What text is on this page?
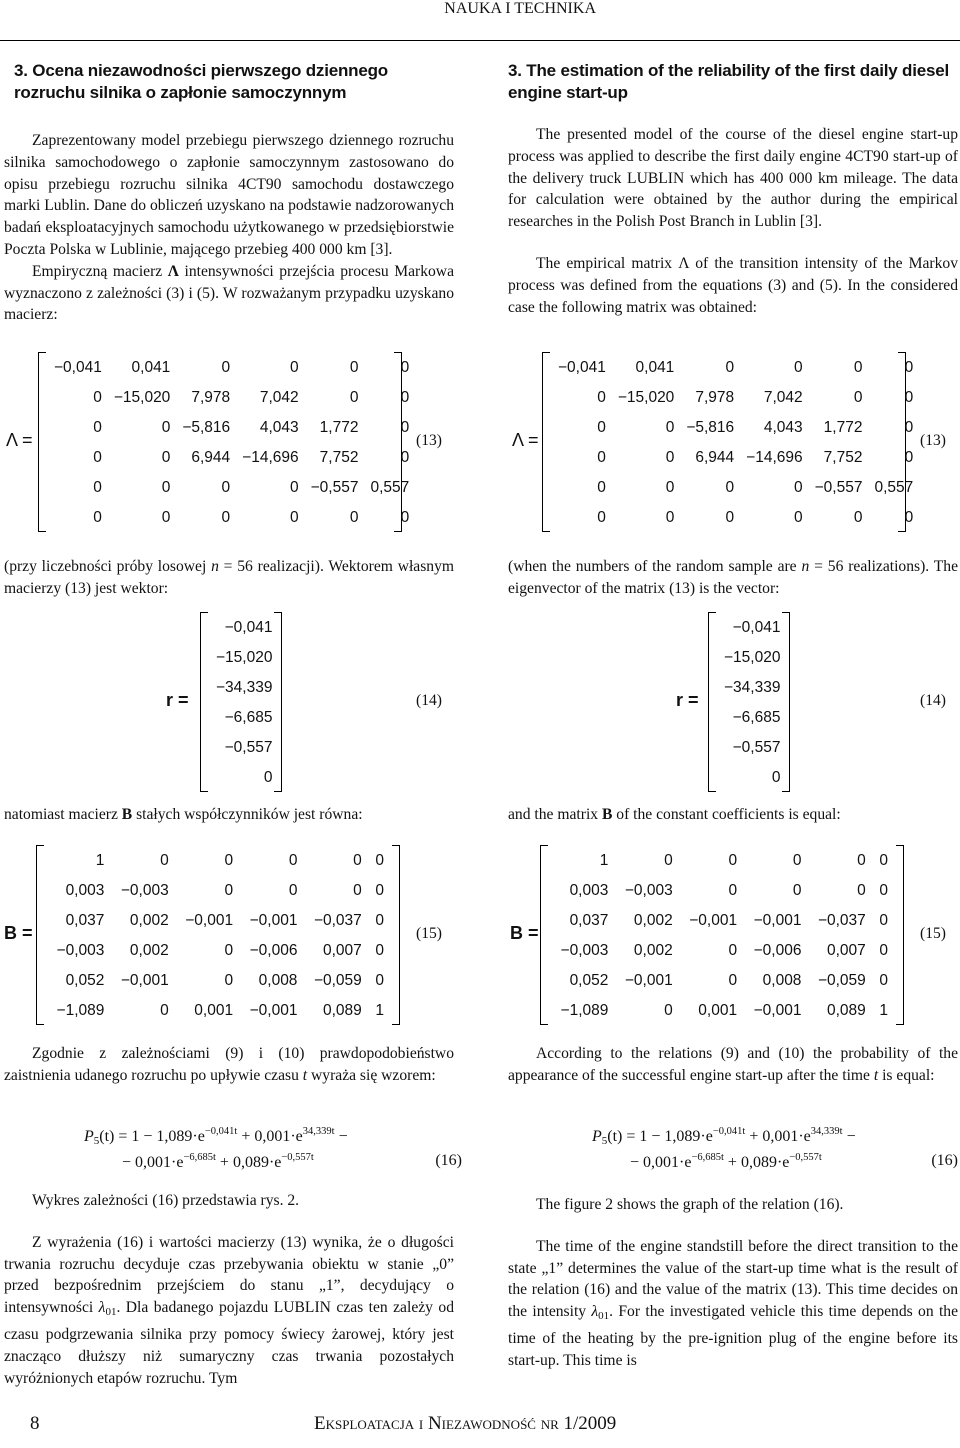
NAUKA I TECHNIKA
3. Ocena niezawodności pierwszego dziennego rozruchu silnika o zapłonie samoczynnym

Zaprezentowany model przebiegu pierwszego dziennego rozruchu silnika samochodowego o zapłonie samoczynnym zastosowano do opisu przebiegu rozruchu silnika 4CT90 samochodu dostawczego marki Lublin. Dane do obliczeń uzyskano na podstawie nadzorowanych badań eksploatacyjnych samochodu użytkowanego w przedsiębiorstwie Poczta Polska w Lublinie, mającego przebieg 400 000 km [3].

Empiryczną macierz Λ intensywności przejścia procesu Markowa wyznaczono z zależności (3) i (5). W rozważanym przypadku uzyskano macierz:

(przy liczebności próby losowej n = 56 realizacji). Wektorem własnym macierzy (13) jest wektor:

natomiast macierz B stałych współczynników jest równa:

Zgodnie z zależnościami (9) i (10) prawdopodobieństwo zaistnienia udanego rozruchu po upływie czasu t wyraża się wzorem:

Wykres zależności (16) przedstawia rys. 2.

Z wyrażenia (16) i wartości macierzy (13) wynika, że o długości trwania rozruchu decyduje czas przebywania obiektu w stanie „0” przed bezpośrednim przejściem do stanu „1”, decydujący o intensywności $\lambda_{01}$. Dla badanego pojazdu LUBLIN czas ten zależy od czasu podgrzewania silnika przy pomocy świecy żarowej, który jest znacząco dłuższy niż sumaryczny czas trwania pozostałych wyróżnionych etapów rozruchu. Tym

3. The estimation of the reliability of the first daily diesel engine start-up

The presented model of the course of the diesel engine start-up process was applied to describe the first daily engine 4CT90 start-up of the delivery truck LUBLIN which has 400 000 km mileage. The data for calculation were obtained by the author during the empirical researches in the Polish Post Branch in Lublin [3].

The empirical matrix Λ of the transition intensity of the Markov process was defined from the equations (3) and (5). In the considered case the following matrix was obtained:

(when the numbers of the random sample are n = 56 realizations). The eigenvector of the matrix (13) is the vector:

and the matrix B of the constant coefficients is equal:

According to the relations (9) and (10) the probability of the appearance of the successful engine start-up after the time t is equal:

The figure 2 shows the graph of the relation (16).

The time of the engine standstill before the direct transition to the state „1” determines the value of the start-up time what is the result of the relation (16) and the value of the matrix (13). This time decides on the intensity $\lambda_{01}$. For the investigated vehicle this time depends on the time of the heating by the pre-ignition plug of the engine before its start-up. This time is

−0,041	0,041	0	0	0	0
0	−15,020	7,978	7,042	0	0
0	0	−5,816	4,043	1,772	0
0	0	6,944	−14,696	7,752	0
0	0	0	0	−0,557	0,557
0	0	0	0	0	0
Λ =	(13)
−0,041	0,041	0	0	0	0
0	−15,020	7,978	7,042	0	0
0	0	−5,816	4,043	1,772	0
0	0	6,944	−14,696	7,752	0
0	0	0	0	−0,557	0,557
0	0	0	0	0	0
Λ =	(13)
−0,041
−15,020
−34,339
−6,685
−0,557
0
r =	(14)
−0,041
−15,020
−34,339
−6,685
−0,557
0
r =	(14)
1	0	0	0	0	0
0,003	−0,003	0	0	0	0
0,037	0,002	−0,001	−0,001	−0,037	0
−0,003	0,002	0	−0,006	0,007	0
0,052	−0,001	0	0,008	−0,059	0
−1,089	0	0,001	−0,001	0,089	1
B =	(15)
1	0	0	0	0	0
0,003	−0,003	0	0	0	0
0,037	0,002	−0,001	−0,001	−0,037	0
−0,003	0,002	0	−0,006	0,007	0
0,052	−0,001	0	0,008	−0,059	0
−1,089	0	0,001	−0,001	0,089	1
B =	(15)
$P_5(t) = 1 - 1,089\cdot e^{-0,041t} + 0,001\cdot e^{34,339t}$ −
− $0,001\cdot e^{-6,685t} + 0,089\cdot e^{-0,557t}$	(16)
$P_5(t) = 1 - 1,089\cdot e^{-0,041t} + 0,001\cdot e^{34,339t}$ −
− $0,001\cdot e^{-6,685t} + 0,089\cdot e^{-0,557t}$	(16)
8	Eksploatacja i Niezawodność nr 1/2009
